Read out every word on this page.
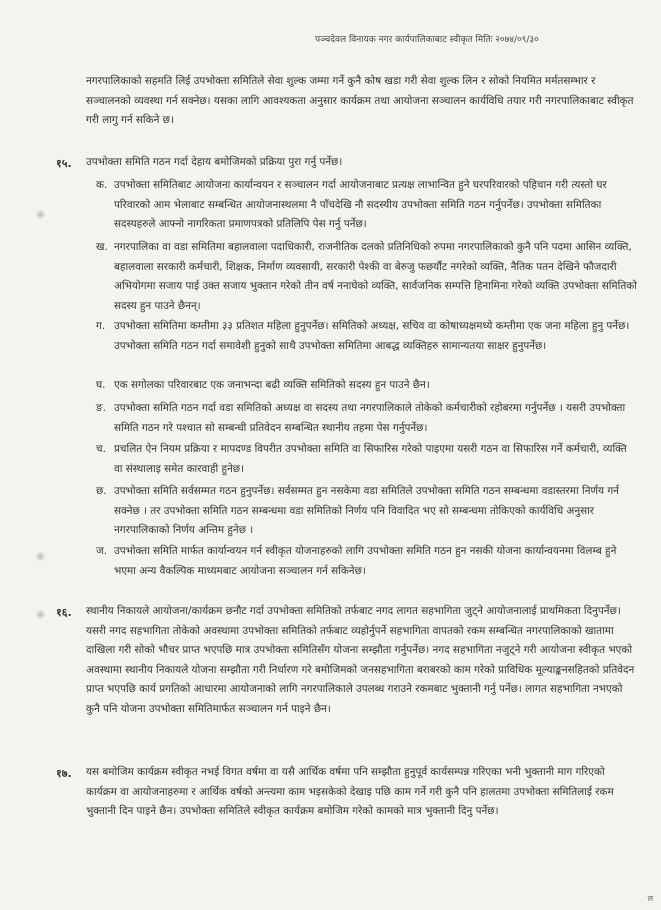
पञ्चदेवल विनायक नगर कार्यपालिकाबाट स्वीकृत मितिः २०७४/०९/३०
नगरपालिकाको सहमति लिई उपभोक्ता समितिले सेवा शुल्क जम्मा गर्ने कुनै कोष खडा गरी सेवा शुल्क लिन र सोको नियमित मर्मतसम्भार र सञ्चालनको व्यवस्था गर्न सक्नेछ। यसका लागि आवश्यकता अनुसार कार्यक्रम तथा आयोजना सञ्चालन कार्यविधि तयार गरी नगरपालिकाबाट स्वीकृत गरी लागु गर्न सकिने छ।
१५. उपभोक्ता समिति गठन गर्दा देहाय बमोजिमको प्रक्रिया पुरा गर्नु पर्नेछ।
क. उपभोक्ता समितिबाट आयोजना कार्यान्वयन र सञ्चालन गर्दा आयोजनाबाट प्रत्यक्ष लाभान्वित हुने घरपरिवारको पहिचान गरी त्यस्तो घर परिवारको आम भेलाबाट सम्बन्धित आयोजनास्थलमा नै पाँचदेखि नौ सदस्यीय उपभोक्ता समिति गठन गर्नुपर्नेछ। उपभोक्ता समितिका सदस्यहरुले आफ्नो नागरिकता प्रमाणपत्रको प्रतिलिपि पेस गर्नु पर्नेछ।
ख. नगरपालिका वा वडा समितिमा बहालवाला पदाधिकारी, राजनीतिक दलको प्रतिनिधिको रुपमा नगरपालिकाको कुनै पनि पदमा आसिन व्यक्ति, बहालवाला सरकारी कर्मचारी, शिक्षक, निर्माण व्यवसायी, सरकारी पेश्की वा बेरुजु फछर्यौट नगरेको व्यक्ति, नैतिक पतन देखिने फौजदारी अभियोगमा सजाय पाई उक्त सजाय भुक्तान गरेको तीन वर्ष ननाघेको व्यक्ति, सार्वजनिक सम्पत्ति हिनामिना गरेको व्यक्ति उपभोक्ता समितिको सदस्य हुन पाउने छैनन्।
ग. उपभोक्ता समितिमा कम्तीमा ३३ प्रतिशत महिला हुनुपर्नेछ। समितिको अध्यक्ष, सचिव वा कोषाध्यक्षमध्ये कम्तीमा एक जना महिला हुनु पर्नेछ। उपभोक्ता समिति गठन गर्दा समावेशी हुनुको साथै उपभोक्ता समितिमा आबद्ध व्यक्तिहरु सामान्यतया साक्षर हुनुपर्नेछ।
घ. एक सगोलका परिवारबाट एक जनाभन्दा बढी व्यक्ति समितिको सदस्य हुन पाउने छैन।
ङ. उपभोक्ता समिति गठन गर्दा वडा समितिको अध्यक्ष वा सदस्य तथा नगरपालिकाले तोकेको कर्मचारीको रहोबरमा गर्नुपर्नेछ । यसरी उपभोक्ता समिति गठन गरे पश्चात सो सम्बन्धी प्रतिवेदन सम्बन्धित स्थानीय तहमा पेस गर्नुपर्नेछ।
च. प्रचलित ऐन नियम प्रक्रिया र मापदण्ड विपरीत उपभोक्ता समिति वा सिफारिस गरेको पाइएमा यसरी गठन वा सिफारिस गर्ने कर्मचारी, व्यक्ति वा संस्थालाइ समेत कारवाही हुनेछ।
छ. उपभोक्ता समिति सर्वसम्मत गठन हुनुपर्नेछ। सर्वसम्मत हुन नसकेमा वडा समितिले उपभोक्ता समिति गठन सम्बन्धमा वडास्तरमा निर्णय गर्न सक्नेछ । तर उपभोक्ता समिति गठन सम्बन्धमा वडा समितिको निर्णय पनि विवादित भए सो सम्बन्धमा तोकिएको कार्यविधि अनुसार नगरपालिकाको निर्णय अन्तिम हुनेछ ।
ज. उपभोक्ता समिति मार्फत कार्यान्वयन गर्न स्वीकृत योजनाहरुको लागि उपभोक्ता समिति गठन हुन नसकी योजना कार्यान्वयनमा विलम्ब हुने भएमा अन्य वैकल्पिक माध्यमबाट आयोजना सञ्चालन गर्न सकिनेछ।
१६. स्थानीय निकायले आयोजना/कार्यक्रम छनौट गर्दा उपभोक्ता समितिको तर्फबाट नगद लागत सहभागिता जुट्ने आयोजनालाई प्राथमिकता दिनुपर्नेछ। यसरी नगद सहभागिता तोकेको अवस्थामा उपभोक्ता समितिको तर्फबाट व्यहोर्नुपर्ने सहभागिता वापतको रकम सम्बन्धित नगरपालिकाको खातामा दाखिला गरी सोको भौचर प्राप्त भएपछि मात्र उपभोक्ता समितिसँग योजना सम्झौता गर्नुपर्नेछ। नगद सहभागिता नजुट्ने गरी आयोजना स्वीकृत भएको अवस्थामा स्थानीय निकायले योजना सम्झौता गरी निर्धारण गरे बमोजिमको जनसहभागिता बराबरको काम गरेको प्राविधिक मूल्याङ्कनसहितको प्रतिवेदन प्राप्त भएपछि कार्य प्रगतिको आधारमा आयोजनाको लागि नगरपालिकाले उपलब्ध गराउने रकमबाट भुक्तानी गर्नु पर्नेछ। लागत सहभागिता नभएको कुनै पनि योजना उपभोक्ता समितिमार्फत सञ्चालन गर्न पाइने छैन।
१७. यस बमोजिम कार्यक्रम स्वीकृत नभई विगत वर्षमा वा यसै आर्थिक वर्षमा पनि सम्झौता हुनुपूर्व कार्यसम्पन्न गरिएका भनी भुक्तानी माग गरिएको कार्यक्रम वा आयोजनाहरुमा र आर्थिक वर्षको अन्त्यमा काम भइसकेको देखाइ पछि काम गर्ने गरी कुनै पनि हालतमा उपभोक्ता समितिलाई रकम भुक्तानी दिन पाइने छैन। उपभोक्ता समितिले स्वीकृत कार्यक्रम बमोजिम गरेको कामको मात्र भुक्तानी दिनु पर्नेछ।
ल
